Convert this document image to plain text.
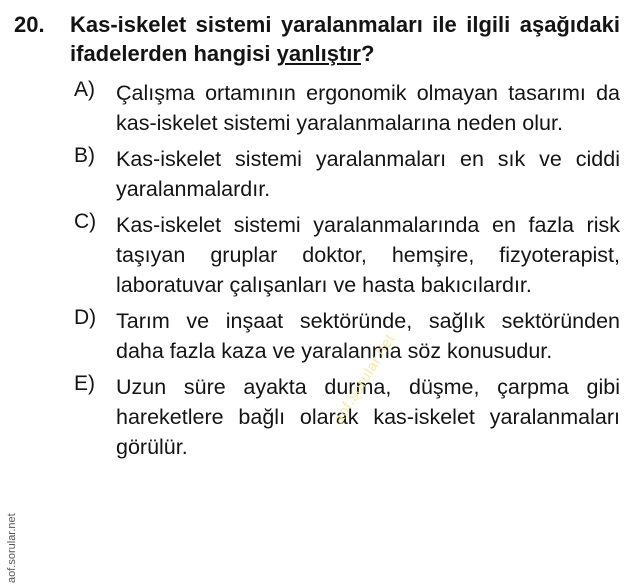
20.	Kas-iskelet sistemi yaralanmaları ile ilgili aşağıdaki ifadelerden hangisi yanlıştır?
A) Çalışma ortamının ergonomik olmayan tasarımı da kas-iskelet sistemi yaralanmalarına neden olur.
B) Kas-iskelet sistemi yaralanmaları en sık ve ciddi yaralanmalardır.
C) Kas-iskelet sistemi yaralanmalarında en fazla risk taşıyan gruplar doktor, hemşire, fizyoterapist, laboratuvar çalışanları ve hasta bakıcılardır.
D) Tarım ve inşaat sektöründe, sağlık sektöründen daha fazla kaza ve yaralanma söz konusudur.
E) Uzun süre ayakta durma, düşme, çarpma gibi hareketlere bağlı olarak kas-iskelet yaralanmaları görülür.
aof.sorular.net
aof.sorular.net
